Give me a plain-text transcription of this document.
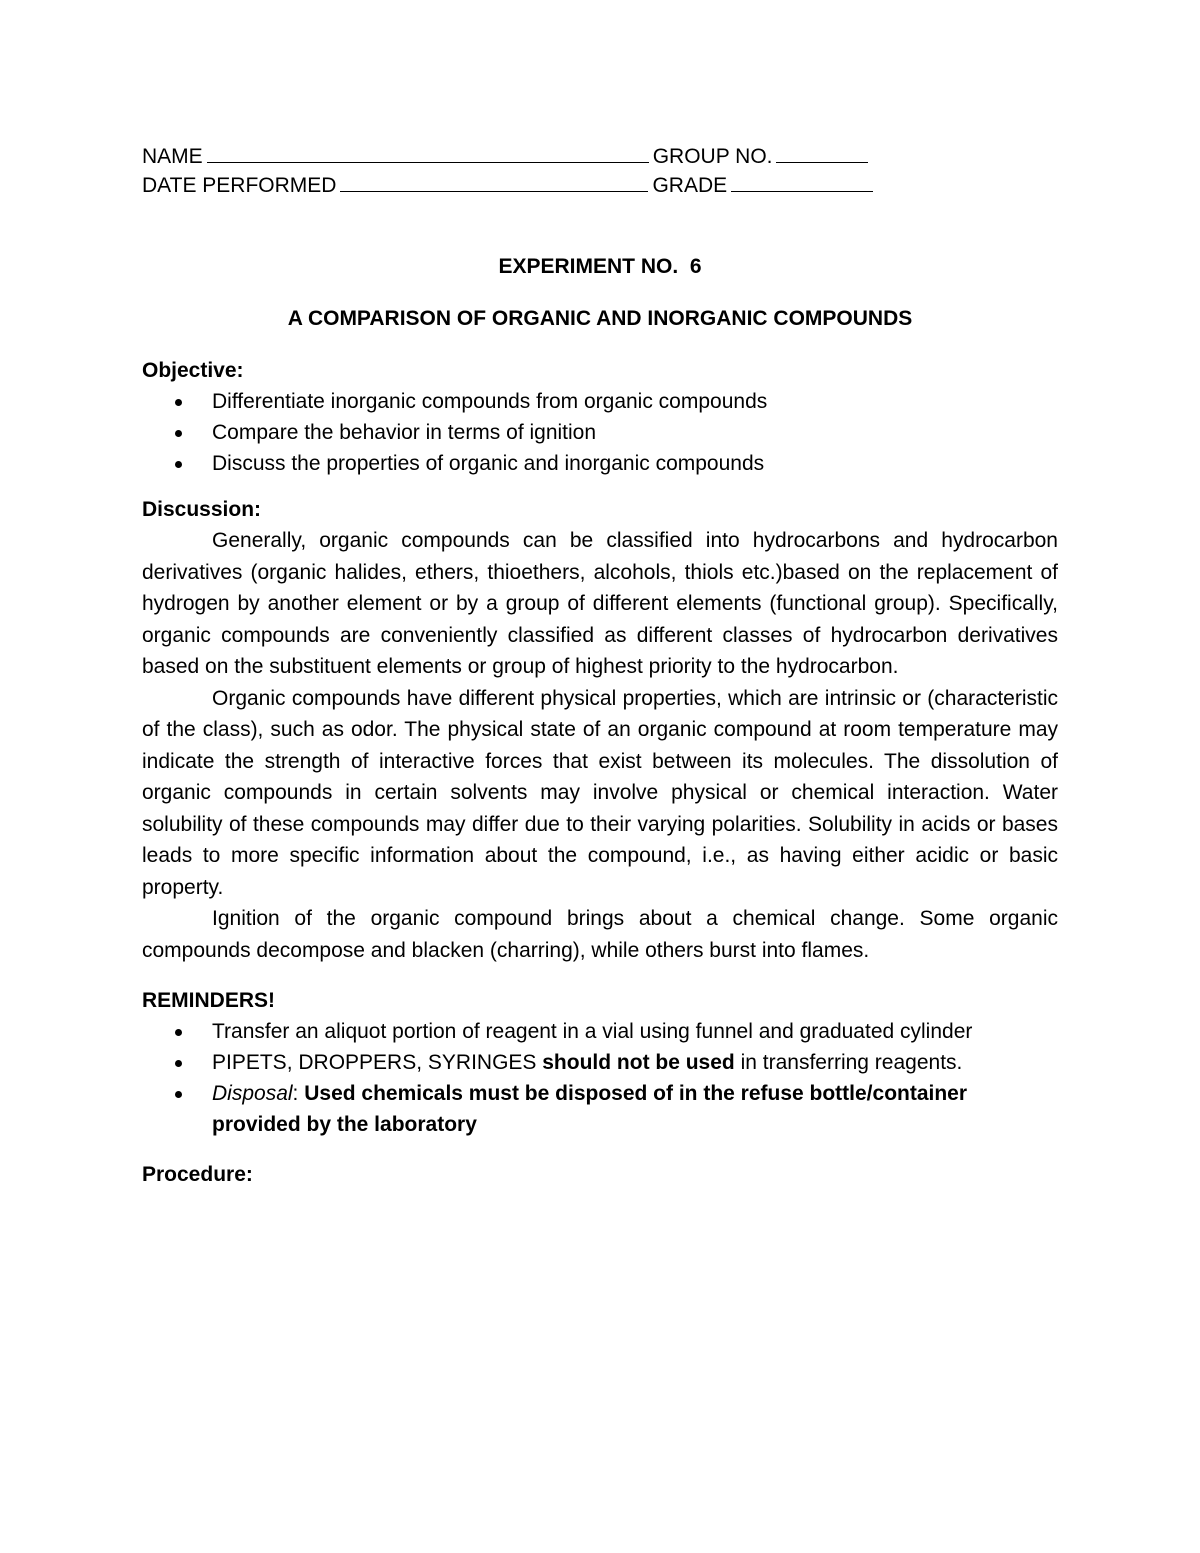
NAME	GROUP NO.
DATE PERFORMED	GRADE
EXPERIMENT NO.  6
A COMPARISON OF ORGANIC AND INORGANIC COMPOUNDS
Objective:
Differentiate inorganic compounds from organic compounds
Compare the behavior in terms of ignition
Discuss the properties of organic and inorganic compounds
Discussion:

Generally, organic compounds can be classified into hydrocarbons and hydrocarbon derivatives (organic halides, ethers, thioethers, alcohols, thiols etc.)based on the replacement of hydrogen by another element or by a group of different elements (functional group). Specifically, organic compounds are conveniently classified as different classes of hydrocarbon derivatives based on the substituent elements or group of highest priority to the hydrocarbon.

Organic compounds have different physical properties, which are intrinsic or (characteristic of the class), such as odor. The physical state of an organic compound at room temperature may indicate the strength of interactive forces that exist between its molecules. The dissolution of organic compounds in certain solvents may involve physical or chemical interaction. Water solubility of these compounds may differ due to their varying polarities. Solubility in acids or bases leads to more specific information about the compound, i.e., as having either acidic or basic property.

Ignition of the organic compound brings about a chemical change. Some organic compounds decompose and blacken (charring), while others burst into flames.

REMINDERS!
Transfer an aliquot portion of reagent in a vial using funnel and graduated cylinder
PIPETS, DROPPERS, SYRINGES should not be used in transferring reagents.
Disposal: Used chemicals must be disposed of in the refuse bottle/container provided by the laboratory
Procedure:
